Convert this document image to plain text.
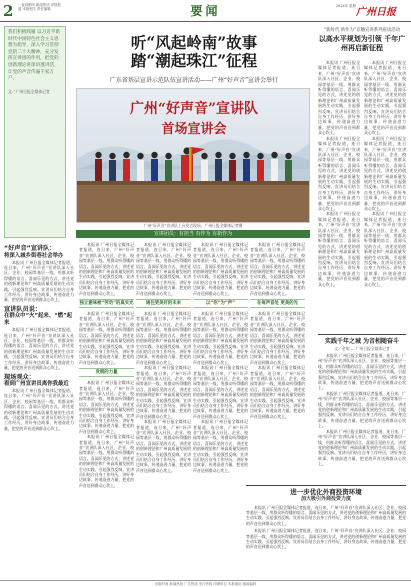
2 一直到都听 新闻资讯 详细报道 本版相关 责任编辑	要闻	2024年 星期
广州日报
我们积极践履 以习近平新时代中国特色社会主义思想为指导，深入学习贯彻党的二十大精神，充分发挥宣讲团的作用，把党的创新理论讲深讲透讲活，让党的声音传遍千家万户。
文／广州日报全媒体记者
听“风起岭南”故事
踏“潮起珠江”征程
广东省基层宣讲示范队伍宣讲活动——广州“好声音”宣讲会举行
广州“好声音”宣讲队
首场宣讲会
广州“好声音”宣讲队上台发言现场。广州日报全媒体记者摄
宣讲团员：有担当 有作为 有新作为
“新时代 新作为”京穗宣讲系列座谈活动
以高水平规划为引领 千年广州再启新征程

本报讯 广州日报全媒体记者报道，连日来，广州“好声音”宣讲队深入社区、企业、校园等基层一线，用群众听得懂的语言、喜闻乐见的方式，讲述党的创新理论和广州高质量发展的生动实践，引起强烈反响。宣讲员们结合自身工作经历，讲好身边故事，传递奋进力量，把党的声音送到群众心坎上。

本报讯 广州日报全媒体记者报道，连日来，广州“好声音”宣讲队深入社区、企业、校园等基层一线，用群众听得懂的语言、喜闻乐见的方式，讲述党的创新理论和广州高质量发展的生动实践，引起强烈反响。宣讲员们结合自身工作经历，讲好身边故事，传递奋进力量，把党的声音送到群众心坎上。

本报讯 广州日报全媒体记者报道，连日来，广州“好声音”宣讲队深入社区、企业、校园等基层一线，用群众听得懂的语言、喜闻乐见的方式，讲述党的创新理论和广州高质量发展的生动实践，引起强烈反响。宣讲员们结合自身工作经历，讲好身边故事，传递奋进力量，把党的声音送到群众心坎上。

本报讯 广州日报全媒体记者报道，连日来，广州“好声音”宣讲队深入社区、企业、校园等基层一线，用群众听得懂的语言、喜闻乐见的方式，讲述党的创新理论和广州高质量发展的生动实践，引起强烈反响。宣讲员们结合自身工作经历，讲好身边故事，传递奋进力量，把党的声音送到群众心坎上。

本报讯 广州日报全媒体记者报道，连日来，广州“好声音”宣讲队深入社区、企业、校园等基层一线，用群众听得懂的语言、喜闻乐见的方式，讲述党的创新理论和广州高质量发展的生动实践，引起强烈反响。宣讲员们结合自身工作经历，讲好身边故事，传递奋进力量，把党的声音送到群众心坎上。

本报讯 广州日报全媒体记者报道，连日来，广州“好声音”宣讲队深入社区、企业、校园等基层一线，用群众听得懂的语言、喜闻乐见的方式，讲述党的创新理论和广州高质量发展的生动实践，引起强烈反响。宣讲员们结合自身工作经历，讲好身边故事，传递奋进力量，把党的声音送到群众心坎上。

“好声音”宣讲队：
将深入城乡街巷社会举办

本报讯 广州日报全媒体记者报道，连日来，广州“好声音”宣讲队深入社区、企业、校园等基层一线，用群众听得懂的语言、喜闻乐见的方式，讲述党的创新理论和广州高质量发展的生动实践，引起强烈反响。宣讲员们结合自身工作经历，讲好身边故事，传递奋进力量，把党的声音送到群众心坎上。

宣讲队员说：
在群众中“火”起来、“燃”起来

本报讯 广州日报全媒体记者报道，连日来，广州“好声音”宣讲队深入社区、企业、校园等基层一线，用群众听得懂的语言、喜闻乐见的方式，讲述党的创新理论和广州高质量发展的生动实践，引起强烈反响。宣讲员们结合自身工作经历，讲好身边故事，传递奋进力量，把党的声音送到群众心坎上。

现场观众：
看到广州宣讲员离你我最近

本报讯 广州日报全媒体记者报道，连日来，广州“好声音”宣讲队深入社区、企业、校园等基层一线，用群众听得懂的语言、喜闻乐见的方式，讲述党的创新理论和广州高质量发展的生动实践，引起强烈反响。宣讲员们结合自身工作经历，讲好身边故事，传递奋进力量，把党的声音送到群众心坎上。

本报讯 广州日报全媒体记者报道，连日来，广州“好声音”宣讲队深入社区、企业、校园等基层一线，用群众听得懂的语言、喜闻乐见的方式，讲述党的创新理论和广州高质量发展的生动实践，引起强烈反响。宣讲员们结合自身工作经历，讲好身边故事，传递奋进力量，把党的声音送到群众心坎上。

独立意味被“劳动”的真实光

本报讯 广州日报全媒体记者报道，连日来，广州“好声音”宣讲队深入社区、企业、校园等基层一线，用群众听得懂的语言、喜闻乐见的方式，讲述党的创新理论和广州高质量发展的生动实践，引起强烈反响。宣讲员们结合自身工作经历，讲好身边故事，传递奋进力量，把党的声音送到群众心坎上。

发展的力量

本报讯 广州日报全媒体记者报道，连日来，广州“好声音”宣讲队深入社区、企业、校园等基层一线，用群众听得懂的语言、喜闻乐见的方式，讲述党的创新理论和广州高质量发展的生动实践，引起强烈反响。宣讲员们结合自身工作经历，讲好身边故事，传递奋进力量，把党的声音送到群众心坎上。

本报讯 广州日报全媒体记者报道，连日来，广州“好声音”宣讲队深入社区、企业、校园等基层一线，用群众听得懂的语言、喜闻乐见的方式，讲述党的创新理论和广州高质量发展的生动实践，引起强烈反响。宣讲员们结合自身工作经历，讲好身边故事，传递奋进力量，把党的声音送到群众心坎上。

本报讯 广州日报全媒体记者报道，连日来，广州“好声音”宣讲队深入社区、企业、校园等基层一线，用群众听得懂的语言、喜闻乐见的方式，讲述党的创新理论和广州高质量发展的生动实践，引起强烈反响。宣讲员们结合自身工作经历，讲好身边故事，传递奋进力量，把党的声音送到群众心坎上。

通往更美好的未来

本报讯 广州日报全媒体记者报道，连日来，广州“好声音”宣讲队深入社区、企业、校园等基层一线，用群众听得懂的语言、喜闻乐见的方式，讲述党的创新理论和广州高质量发展的生动实践，引起强烈反响。宣讲员们结合自身工作经历，讲好身边故事，传递奋进力量，把党的声音送到群众心坎上。

本报讯 广州日报全媒体记者报道，连日来，广州“好声音”宣讲队深入社区、企业、校园等基层一线，用群众听得懂的语言、喜闻乐见的方式，讲述党的创新理论和广州高质量发展的生动实践，引起强烈反响。宣讲员们结合自身工作经历，讲好身边故事，传递奋进力量，把党的声音送到群众心坎上。

本报讯 广州日报全媒体记者报道，连日来，广州“好声音”宣讲队深入社区、企业、校园等基层一线，用群众听得懂的语言、喜闻乐见的方式，讲述党的创新理论和广州高质量发展的生动实践，引起强烈反响。宣讲员们结合自身工作经历，讲好身边故事，传递奋进力量，把党的声音送到群众心坎上。

本报讯 广州日报全媒体记者报道，连日来，广州“好声音”宣讲队深入社区、企业、校园等基层一线，用群众听得懂的语言、喜闻乐见的方式，讲述党的创新理论和广州高质量发展的生动实践，引起强烈反响。宣讲员们结合自身工作经历，讲好身边故事，传递奋进力量，把党的声音送到群众心坎上。

以“你”为“声”

本报讯 广州日报全媒体记者报道，连日来，广州“好声音”宣讲队深入社区、企业、校园等基层一线，用群众听得懂的语言、喜闻乐见的方式，讲述党的创新理论和广州高质量发展的生动实践，引起强烈反响。宣讲员们结合自身工作经历，讲好身边故事，传递奋进力量，把党的声音送到群众心坎上。

本报讯 广州日报全媒体记者报道，连日来，广州“好声音”宣讲队深入社区、企业、校园等基层一线，用群众听得懂的语言、喜闻乐见的方式，讲述党的创新理论和广州高质量发展的生动实践，引起强烈反响。宣讲员们结合自身工作经历，讲好身边故事，传递奋进力量，把党的声音送到群众心坎上。

本报讯 广州日报全媒体记者报道，连日来，广州“好声音”宣讲队深入社区、企业、校园等基层一线，用群众听得懂的语言、喜闻乐见的方式，讲述党的创新理论和广州高质量发展的生动实践，引起强烈反响。宣讲员们结合自身工作经历，讲好身边故事，传递奋进力量，把党的声音送到群众心坎上。

本报讯 广州日报全媒体记者报道，连日来，广州“好声音”宣讲队深入社区、企业、校园等基层一线，用群众听得懂的语言、喜闻乐见的方式，讲述党的创新理论和广州高质量发展的生动实践，引起强烈反响。宣讲员们结合自身工作经历，讲好身边故事，传递奋进力量，把党的声音送到群众心坎上。

在每声音处 更美的光

本报讯 广州日报全媒体记者报道，连日来，广州“好声音”宣讲队深入社区、企业、校园等基层一线，用群众听得懂的语言、喜闻乐见的方式，讲述党的创新理论和广州高质量发展的生动实践，引起强烈反响。宣讲员们结合自身工作经历，讲好身边故事，传递奋进力量，把党的声音送到群众心坎上。

本报讯 广州日报全媒体记者报道，连日来，广州“好声音”宣讲队深入社区、企业、校园等基层一线，用群众听得懂的语言、喜闻乐见的方式，讲述党的创新理论和广州高质量发展的生动实践，引起强烈反响。宣讲员们结合自身工作经历，讲好身边故事，传递奋进力量，把党的声音送到群众心坎上。

实践千年之城 为音相随奋斗
文／金胡 — 广州日报全媒体记者

本报讯 广州日报全媒体记者报道，连日来，广州“好声音”宣讲队深入社区、企业、校园等基层一线，用群众听得懂的语言、喜闻乐见的方式，讲述党的创新理论和广州高质量发展的生动实践，引起强烈反响。宣讲员们结合自身工作经历，讲好身边故事，传递奋进力量，把党的声音送到群众心坎上。

本报讯 广州日报全媒体记者报道，连日来，广州“好声音”宣讲队深入社区、企业、校园等基层一线，用群众听得懂的语言、喜闻乐见的方式，讲述党的创新理论和广州高质量发展的生动实践，引起强烈反响。宣讲员们结合自身工作经历，讲好身边故事，传递奋进力量，把党的声音送到群众心坎上。

本报讯 广州日报全媒体记者报道，连日来，广州“好声音”宣讲队深入社区、企业、校园等基层一线，用群众听得懂的语言、喜闻乐见的方式，讲述党的创新理论和广州高质量发展的生动实践，引起强烈反响。宣讲员们结合自身工作经历，讲好身边故事，传递奋进力量，把党的声音送到群众心坎上。

进一步优化外商投资环境
加大吸引外商投资力度

本报讯 广州日报全媒体记者报道，连日来，广州“好声音”宣讲队深入社区、企业、校园等基层一线，用群众听得懂的语言、喜闻乐见的方式，讲述党的创新理论和广州高质量发展的生动实践，引起强烈反响。宣讲员们结合自身工作经历，讲好身边故事，传递奋进力量，把党的声音送到群众心坎上。

本报讯 广州日报全媒体记者报道，连日来，广州“好声音”宣讲队深入社区、企业、校园等基层一线，用群众听得懂的语言、喜闻乐见的方式，讲述党的创新理论和广州高质量发展的生动实践，引起强烈反响。宣讲员们结合自身工作经历，讲好身边故事，传递奋进力量，把党的声音送到群众心坎上。

出版时间 新闻热线 广告热线 发行热线 印刷单位 本报地址 邮政编码
